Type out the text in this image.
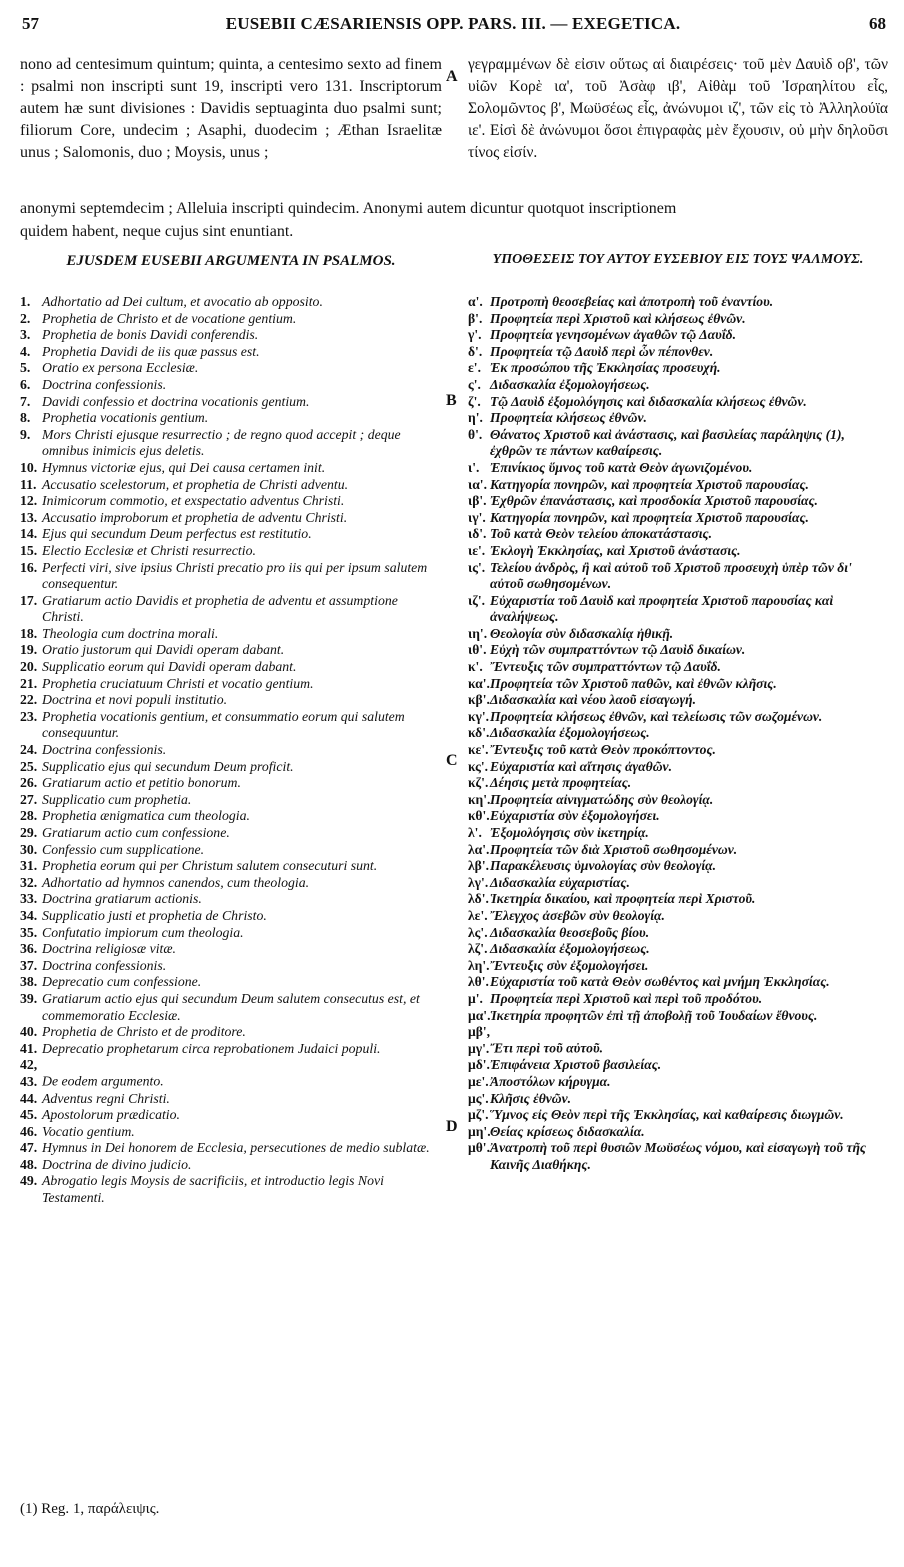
57	EUSEBII CÆSARIENSIS OPP. PARS. III. — EXEGETICA.	68

nono ad centesimum quintum; quinta, a centesimo sexto ad finem : psalmi non inscripti sunt 19, inscripti vero 131. Inscriptorum autem hæ sunt divisiones : Davidis septuaginta duo psalmi sunt; filiorum Core, undecim ; Asaphi, duodecim ; Æthan Israelitæ unus ; Salomonis, duo ; Moysis, unus ;

γεγραμμένων δὲ εἰσιν οὕτως αἱ διαιρέσεις· τοῦ μὲν Δαυὶδ οβ', τῶν υἱῶν Κορὲ ια', τοῦ Ἀσὰφ ιβ', Αἰθὰμ τοῦ Ἰσραηλίτου εἷς, Σολομῶντος β', Μωϋσέως εἷς, ἀνώνυμοι ιζ', τῶν εἰς τὸ Ἀλληλούϊα ιε'. Εἰσὶ δὲ ἀνώνυμοι ὅσοι ἐπιγραφὰς μὲν ἔχουσιν, οὐ μὴν δηλοῦσι τίνος εἰσίν.

anonymi septemdecim ; Alleluia inscripti quindecim. Anonymi autem dicuntur quotquot inscriptionem

quidem habent, neque cujus sint enuntiant.

EJUSDEM EUSEBII ARGUMENTA IN PSALMOS.	ΥΠΟΘΕΣΕΙΣ ΤΟΥ ΑΥΤΟΥ ΕΥΣΕΒΙΟΥ ΕΙΣ ΤΟΥΣ ΨΑΛΜΟΥΣ.

1.Adhortatio ad Dei cultum, et avocatio ab opposito.
2.Prophetia de Christo et de vocatione gentium.
3.Prophetia de bonis Davidi conferendis.
4.Prophetia Davidi de iis quæ passus est.
5.Oratio ex persona Ecclesiæ.
6.Doctrina confessionis.
7.Davidi confessio et doctrina vocationis gentium.
8.Prophetia vocationis gentium.
9.Mors Christi ejusque resurrectio ; de regno quod accepit ; deque omnibus inimicis ejus deletis.
10.Hymnus victoriæ ejus, qui Dei causa certamen init.
11.Accusatio scelestorum, et prophetia de Christi adventu.
12.Inimicorum commotio, et exspectatio adventus Christi.
13.Accusatio improborum et prophetia de adventu Christi.
14.Ejus qui secundum Deum perfectus est restitutio.
15.Electio Ecclesiæ et Christi resurrectio.
16.Perfecti viri, sive ipsius Christi precatio pro iis qui per ipsum salutem consequentur.
17.Gratiarum actio Davidis et prophetia de adventu et assumptione Christi.
18.Theologia cum doctrina morali.
19.Oratio justorum qui Davidi operam dabant.
20.Supplicatio eorum qui Davidi operam dabant.
21.Prophetia cruciatuum Christi et vocatio gentium.
22.Doctrina et novi populi institutio.
23.Prophetia vocationis gentium, et consummatio eorum qui salutem consequuntur.
24.Doctrina confessionis.
25.Supplicatio ejus qui secundum Deum proficit.
26.Gratiarum actio et petitio bonorum.
27.Supplicatio cum prophetia.
28.Prophetia ænigmatica cum theologia.
29.Gratiarum actio cum confessione.
30.Confessio cum supplicatione.
31.Prophetia eorum qui per Christum salutem consecuturi sunt.
32.Adhortatio ad hymnos canendos, cum theologia.
33.Doctrina gratiarum actionis.
34.Supplicatio justi et prophetia de Christo.
35.Confutatio impiorum cum theologia.
36.Doctrina religiosæ vitæ.
37.Doctrina confessionis.
38.Deprecatio cum confessione.
39.Gratiarum actio ejus qui secundum Deum salutem consecutus est, et commemoratio Ecclesiæ.
40.Prophetia de Christo et de proditore.
41.Deprecatio prophetarum circa reprobationem Judaici populi.
42, 43.De eodem argumento.
44.Adventus regni Christi.
45.Apostolorum prædicatio.
46.Vocatio gentium.
47.Hymnus in Dei honorem de Ecclesia, persecutiones de medio sublatæ.
48.Doctrina de divino judicio.
49.Abrogatio legis Moysis de sacrificiis, et introductio legis Novi Testamenti.
α'.Προτροπὴ θεοσεβείας καὶ ἀποτροπὴ τοῦ ἐναντίου.
β'.Προφητεία περὶ Χριστοῦ καὶ κλήσεως ἐθνῶν.
γ'.Προφητεία γενησομένων ἀγαθῶν τῷ Δαυΐδ.
δ'.Προφητεία τῷ Δαυὶδ περὶ ὧν πέπονθεν.
ε'.Ἐκ προσώπου τῆς Ἐκκλησίας προσευχή.
ς'.Διδασκαλία ἐξομολογήσεως.
ζ'.Τῷ Δαυὶδ ἐξομολόγησις καὶ διδασκαλία κλήσεως ἐθνῶν.
η'.Προφητεία κλήσεως ἐθνῶν.
θ'.Θάνατος Χριστοῦ καὶ ἀνάστασις, καὶ βασιλείας παράληψις (1), ἐχθρῶν τε πάντων καθαίρεσις.
ι'.Ἐπινίκιος ὕμνος τοῦ κατὰ Θεὸν ἀγωνιζομένου.
ια'.Κατηγορία πονηρῶν, καὶ προφητεία Χριστοῦ παρουσίας.
ιβ'.Ἐχθρῶν ἐπανάστασις, καὶ προσδοκία Χριστοῦ παρουσίας.
ιγ'.Κατηγορία πονηρῶν, καὶ προφητεία Χριστοῦ παρουσίας.
ιδ'.Τοῦ κατὰ Θεὸν τελείου ἀποκατάστασις.
ιε'.Ἐκλογὴ Ἐκκλησίας, καὶ Χριστοῦ ἀνάστασις.
ις'.Τελείου ἀνδρὸς, ἢ καὶ αὐτοῦ τοῦ Χριστοῦ προσευχὴ ὑπὲρ τῶν δι' αὐτοῦ σωθησομένων.
ιζ'.Εὐχαριστία τοῦ Δαυὶδ καὶ προφητεία Χριστοῦ παρουσίας καὶ ἀναλήψεως.
ιη'.Θεολογία σὺν διδασκαλίᾳ ἠθικῇ.
ιθ'.Εὐχὴ τῶν συμπραττόντων τῷ Δαυὶδ δικαίων.
κ'.Ἔντευξις τῶν συμπραττόντων τῷ Δαυΐδ.
κα'.Προφητεία τῶν Χριστοῦ παθῶν, καὶ ἐθνῶν κλῆσις.
κβ'.Διδασκαλία καὶ νέου λαοῦ εἰσαγωγή.
κγ'.Προφητεία κλήσεως ἐθνῶν, καὶ τελείωσις τῶν σωζομένων.
κδ'.Διδασκαλία ἐξομολογήσεως.
κε'.Ἔντευξις τοῦ κατὰ Θεὸν προκόπτοντος.
κς'.Εὐχαριστία καὶ αἴτησις ἀγαθῶν.
κζ'.Δέησις μετὰ προφητείας.
κη'.Προφητεία αἰνιγματώδης σὺν θεολογίᾳ.
κθ'.Εὐχαριστία σὺν ἐξομολογήσει.
λ'.Ἐξομολόγησις σὺν ἱκετηρίᾳ.
λα'.Προφητεία τῶν διὰ Χριστοῦ σωθησομένων.
λβ'.Παρακέλευσις ὑμνολογίας σὺν θεολογίᾳ.
λγ'.Διδασκαλία εὐχαριστίας.
λδ'.Ἱκετηρία δικαίου, καὶ προφητεία περὶ Χριστοῦ.
λε'.Ἔλεγχος ἀσεβῶν σὺν θεολογίᾳ.
λς'.Διδασκαλία θεοσεβοῦς βίου.
λζ'.Διδασκαλία ἐξομολογήσεως.
λη'.Ἔντευξις σὺν ἐξομολογήσει.
λθ'.Εὐχαριστία τοῦ κατὰ Θεὸν σωθέντος καὶ μνήμη Ἐκκλησίας.
μ'.Προφητεία περὶ Χριστοῦ καὶ περὶ τοῦ προδότου.
μα'.Ἱκετηρία προφητῶν ἐπὶ τῇ ἀποβολῇ τοῦ Ἰουδαίων ἔθνους.
μβ', μγ'.Ἔτι περὶ τοῦ αὐτοῦ.
μδ'.Ἐπιφάνεια Χριστοῦ βασιλείας.
με'.Ἀποστόλων κήρυγμα.
μς'.Κλῆσις ἐθνῶν.
μζ'.Ὕμνος εἰς Θεὸν περὶ τῆς Ἐκκλησίας, καὶ καθαίρεσις διωγμῶν.
μη'.Θείας κρίσεως διδασκαλία.
μθ'.Ἀνατροπὴ τοῦ περὶ θυσιῶν Μωϋσέως νόμου, καὶ εἰσαγωγὴ τοῦ τῆς Καινῆς Διαθήκης.
A
B
C
D
(1) Reg. 1, παράλειψις.
